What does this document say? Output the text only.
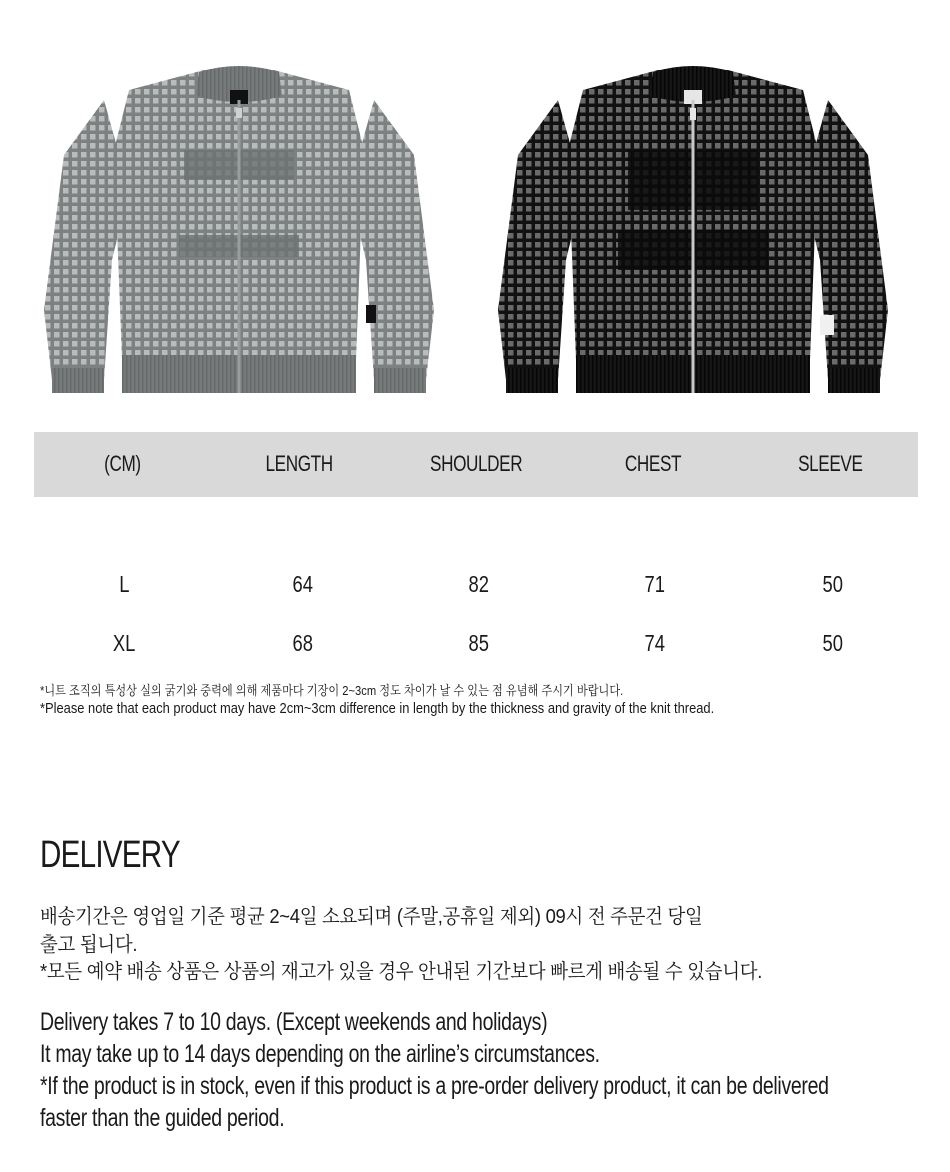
(CM)	LENGTH	SHOULDER	CHEST	SLEEVE
L	64	82	71	50
XL	68	85	74	50
*니트 조직의 특성상 실의 굵기와 중력에 의해 제품마다 기장이 2~3cm 정도 차이가 날 수 있는 점 유념해 주시기 바랍니다.
*Please note that each product may have 2cm~3cm difference in length by the thickness and gravity of the knit thread.
DELIVERY
배송기간은 영업일 기준 평균 2~4일 소요되며 (주말,공휴일 제외) 09시 전 주문건 당일
출고 됩니다.
*모든 예약 배송 상품은 상품의 재고가 있을 경우 안내된 기간보다 빠르게 배송될 수 있습니다.
Delivery takes 7 to 10 days. (Except weekends and holidays)
It may take up to 14 days depending on the airline’s circumstances.
*If the product is in stock, even if this product is a pre-order delivery product, it can be delivered
faster than the guided period.
